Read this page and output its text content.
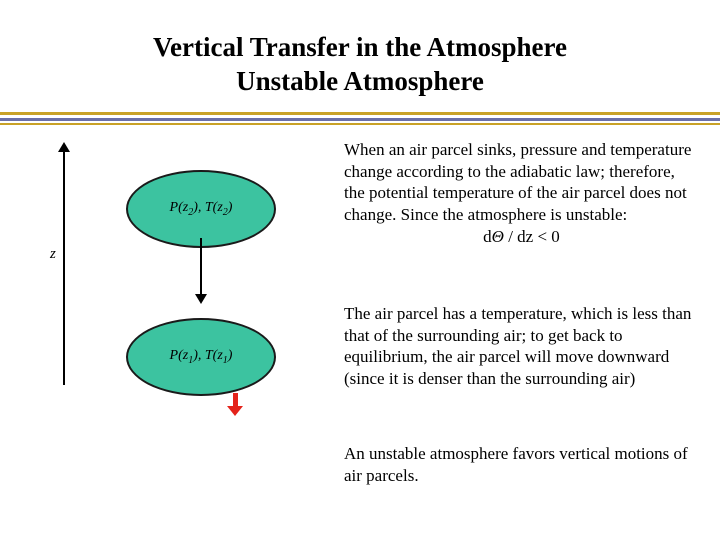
Vertical Transfer in the Atmosphere
Unstable Atmosphere
z
$P(z_2)$, $T(z_2)$
$P(z_1)$, $T(z_1)$
When an air parcel sinks, pressure and temperature change according to the adiabatic law; therefore, the potential temperature of the air parcel does not change. Since the atmosphere is unstable:
dΘ / dz < 0
The air parcel has a temperature, which is less than that of the surrounding air; to get back to equilibrium, the air parcel will move downward (since it is denser than the surrounding air)
An unstable atmosphere favors vertical motions of air parcels.
